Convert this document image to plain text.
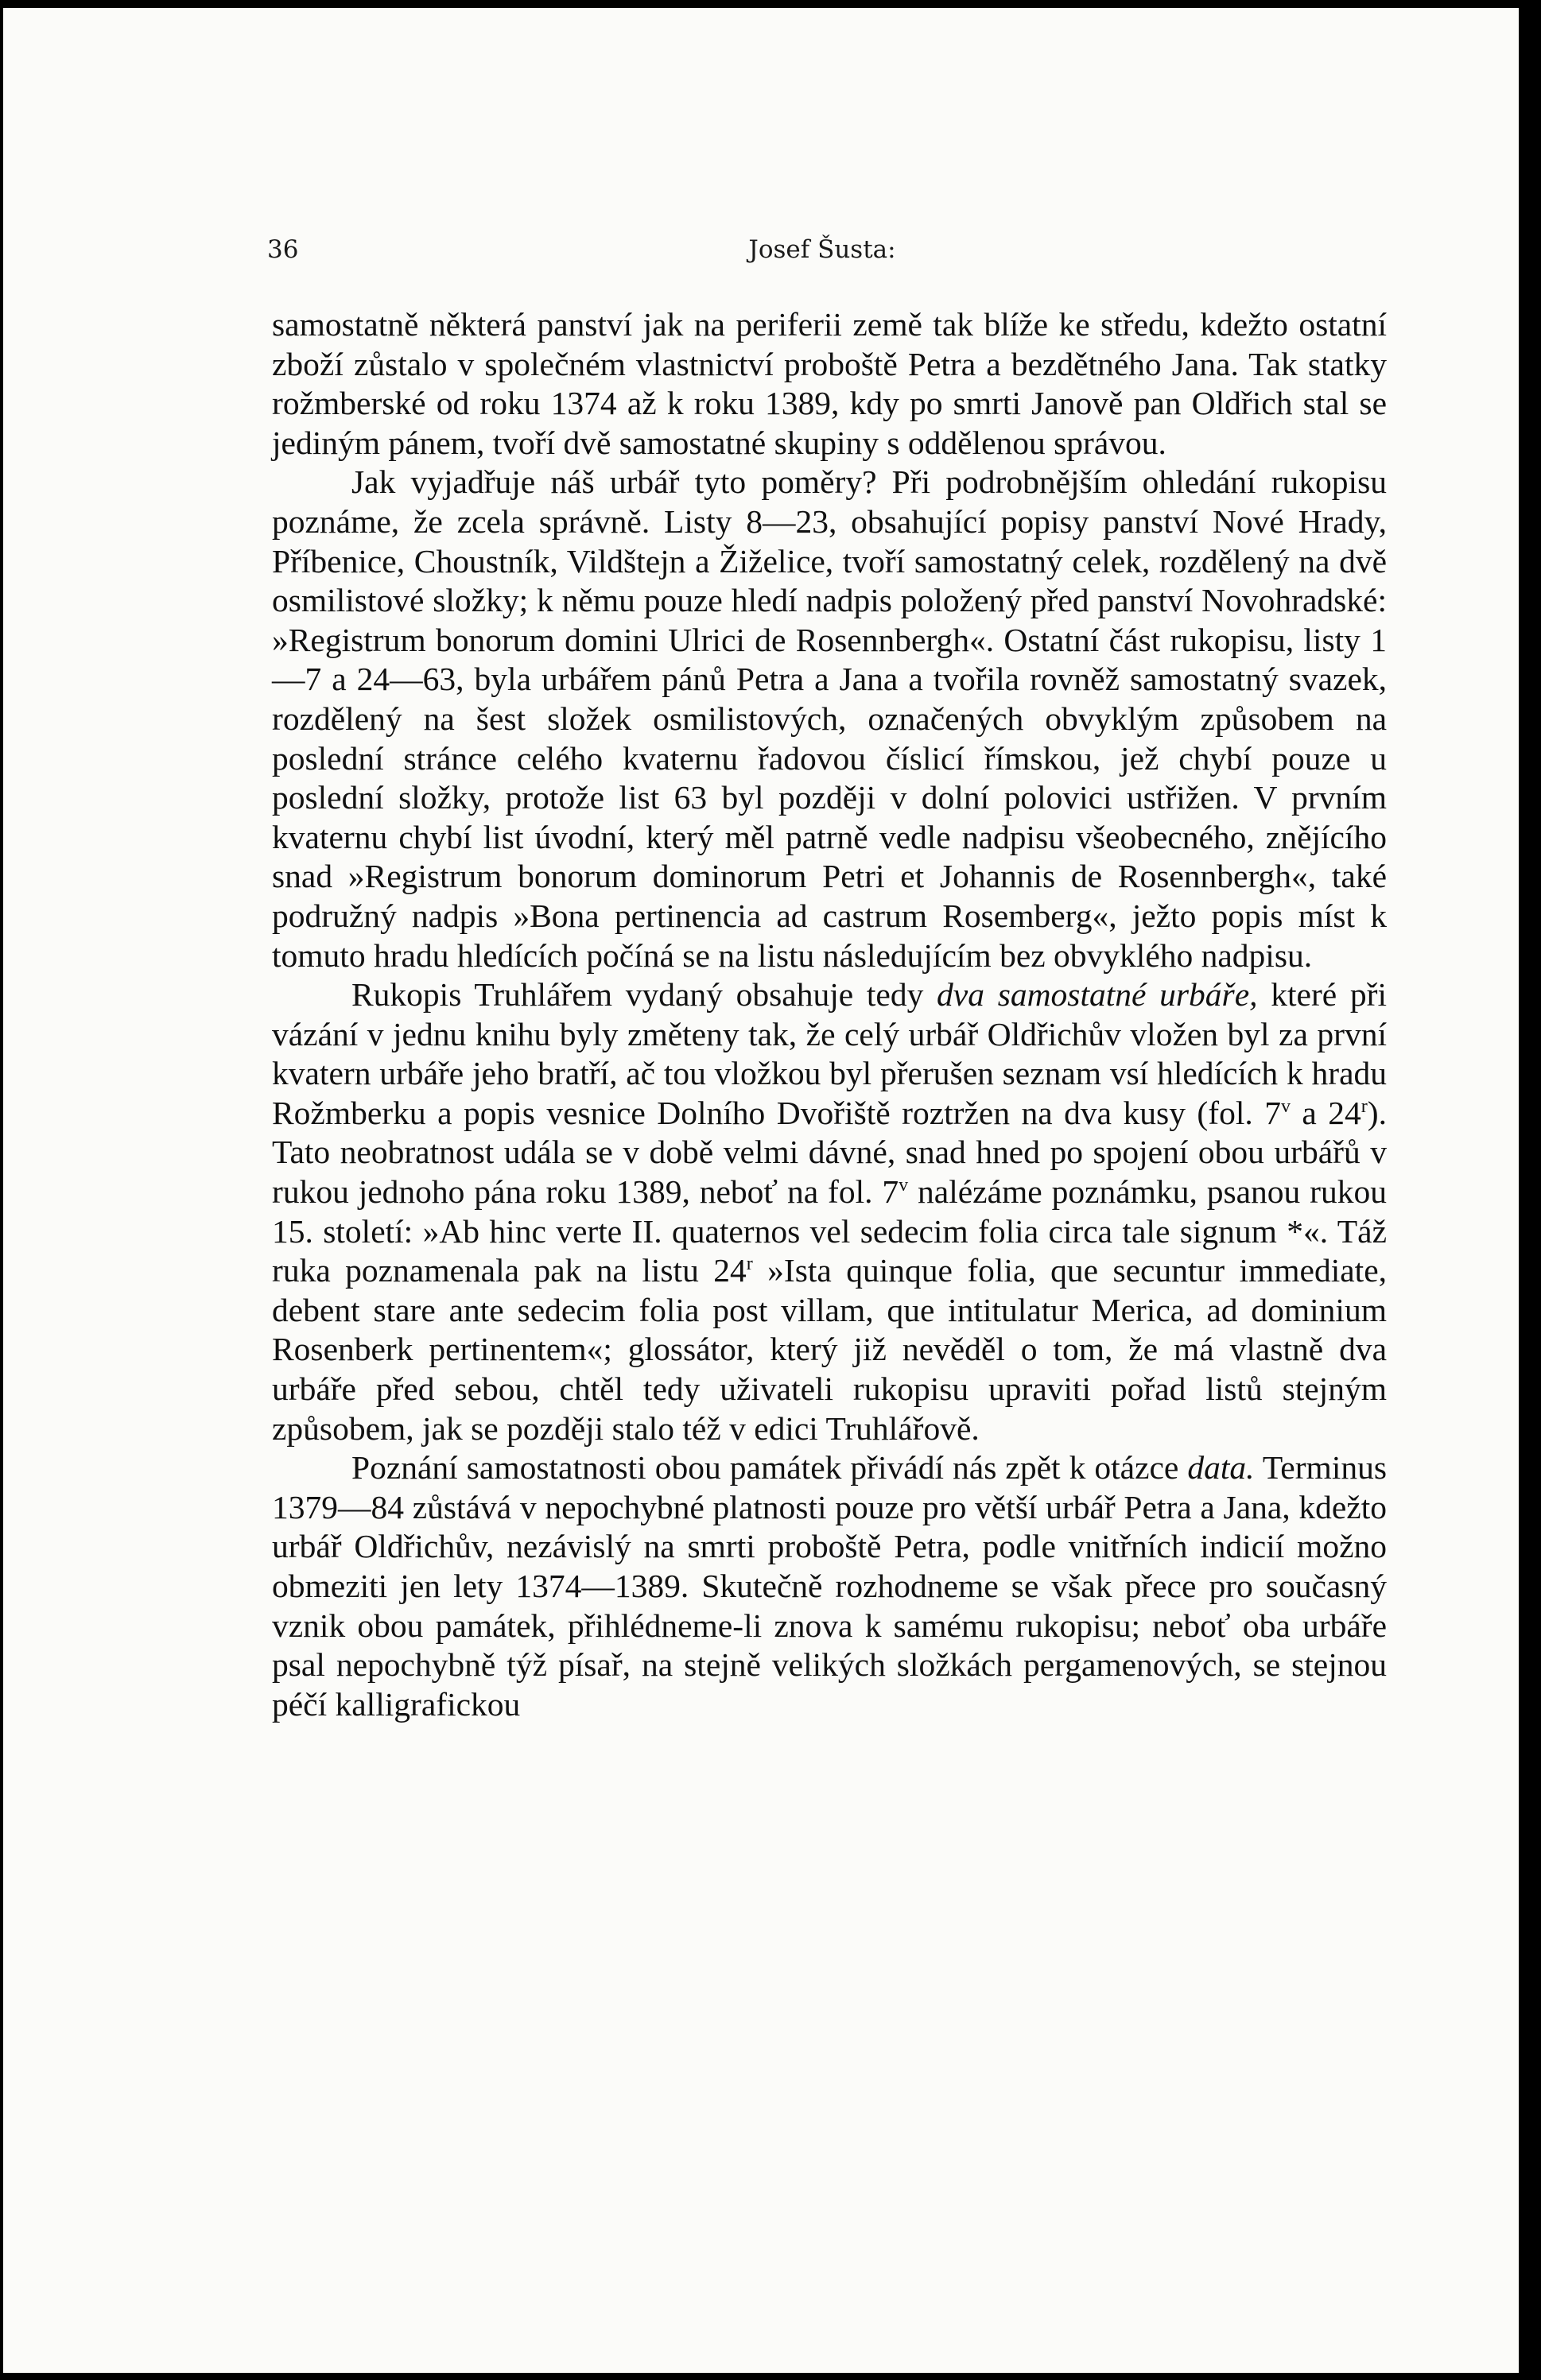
36	Josef Šusta:

samostatně některá panství jak na periferii země tak blíže ke středu, kdežto ostatní zboží zůstalo v společném vlastnictví proboště Petra a bezdětného Jana. Tak statky rožmberské od roku 1374 až k roku 1389, kdy po smrti Janově pan Oldřich stal se jediným pánem, tvoří dvě samostatné skupiny s oddělenou správou.

Jak vyjadřuje náš urbář tyto poměry? Při podrobnějším ohledání rukopisu poznáme, že zcela správně. Listy 8—23, obsahující popisy panství Nové Hrady, Příbenice, Choustník, Vildštejn a Žiželice, tvoří samostatný celek, rozdělený na dvě osmilistové složky; k němu pouze hledí nadpis položený před panství Novohradské: »Registrum bonorum domini Ulrici de Rosennbergh«. Ostatní část rukopisu, listy 1—7 a 24—63, byla urbářem pánů Petra a Jana a tvořila rovněž samostatný svazek, rozdělený na šest složek osmilistových, označených obvyklým způsobem na poslední stránce celého kvaternu řadovou číslicí římskou, jež chybí pouze u poslední složky, protože list 63 byl později v dolní polovici ustřižen. V prvním kvaternu chybí list úvodní, který měl patrně vedle nadpisu všeobecného, znějícího snad »Registrum bonorum dominorum Petri et Johannis de Rosennbergh«, také podružný nadpis »Bona pertinencia ad castrum Rosemberg«, ježto popis míst k tomuto hradu hledících počíná se na listu následujícím bez obvyklého nadpisu.

Rukopis Truhlářem vydaný obsahuje tedy dva samostatné urbáře, které při vázání v jednu knihu byly změteny tak, že celý urbář Oldřichův vložen byl za první kvatern urbáře jeho bratří, ač tou vložkou byl přerušen seznam vsí hledících k hradu Rožmberku a popis vesnice Dolního Dvořiště roztržen na dva kusy (fol. 7$^v$ a 24$^r$). Tato neobratnost udála se v době velmi dávné, snad hned po spojení obou urbářů v rukou jednoho pána roku 1389, neboť na fol. 7$^v$ nalézáme poznámku, psanou rukou 15. století: »Ab hinc verte II. quaternos vel sedecim folia circa tale signum *«. Táž ruka poznamenala pak na listu 24$^r$ »Ista quinque folia, que secuntur immediate, debent stare ante sedecim folia post villam, que intitulatur Merica, ad dominium Rosenberk pertinentem«; glossátor, který již nevěděl o tom, že má vlastně dva urbáře před sebou, chtěl tedy uživateli rukopisu upraviti pořad listů stejným způsobem, jak se později stalo též v edici Truhlářově.

Poznání samostatnosti obou památek přivádí nás zpět k otázce data. Terminus 1379—84 zůstává v nepochybné platnosti pouze pro větší urbář Petra a Jana, kdežto urbář Oldřichův, nezávislý na smrti proboště Petra, podle vnitřních indicií možno obmeziti jen lety 1374—1389. Skutečně rozhodneme se však přece pro současný vznik obou památek, přihlédneme-li znova k samému rukopisu; neboť oba urbáře psal nepochybně týž písař, na stejně velikých složkách pergamenových, se stejnou péčí kalligrafickou
